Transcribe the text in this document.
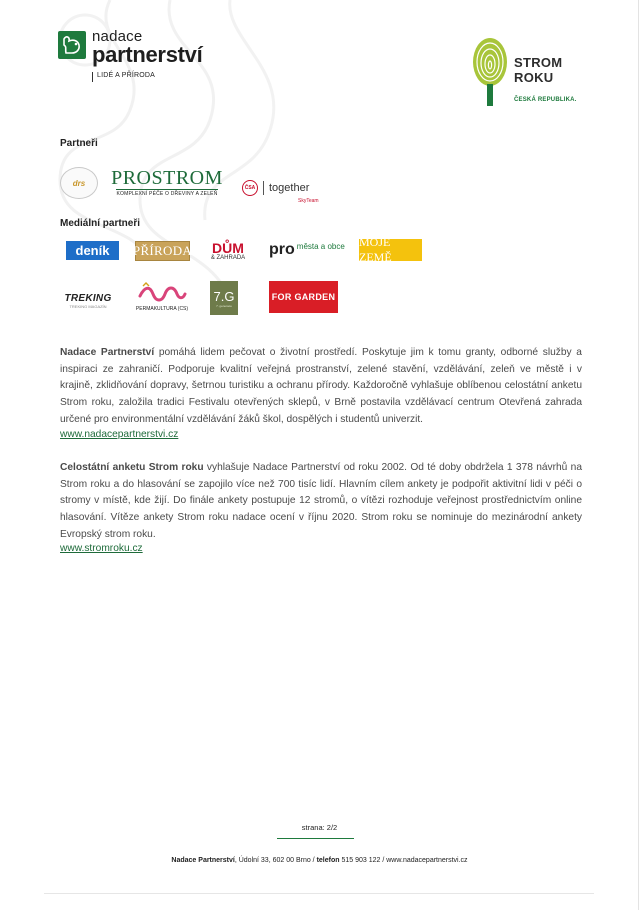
nadace
partnerství
LIDÉ A PŘÍRODA
STROM
ROKU
ČESKÁ REPUBLIKA.
Partneři
drs PROSTROM
KOMPLEXNÍ PÉČE O DŘEVINY A ZELEŇ
ČSA together
SkyTeam
Mediální partneři
deník	PŘÍRODA DŮM
& ZAHRADA pro města a obce MOJE ZEMĚ
TREKING
TREKING MAGAZÍN	PERMAKULTURA (CS)
7.G
7. generace
FOR GARDEN
Nadace Partnerství pomáhá lidem pečovat o životní prostředí. Poskytuje jim k tomu granty, odborné služby a inspiraci ze zahraničí. Podporuje kvalitní veřejná prostranství, zelené stavění, vzdělávání, zeleň ve městě i v krajině, zklidňování dopravy, šetrnou turistiku a ochranu přírody. Každoročně vyhlašuje oblíbenou celostátní anketu Strom roku, založila tradici Festivalu otevřených sklepů, v Brně postavila vzdělávací centrum Otevřená zahrada určené pro environmentální vzdělávání žáků škol, dospělých i studentů univerzit.
www.nadacepartnerstvi.cz
Celostátní anketu Strom roku vyhlašuje Nadace Partnerství od roku 2002. Od té doby obdržela 1 378 návrhů na Strom roku a do hlasování se zapojilo více než 700 tisíc lidí. Hlavním cílem ankety je podpořit aktivitní lidi v péči o stromy v místě, kde žijí. Do finále ankety postupuje 12 stromů, o vítězi rozhoduje veřejnost prostřednictvím online hlasování. Vítěze ankety Strom roku nadace ocení v říjnu 2020. Strom roku se nominuje do mezinárodní ankety Evropský strom roku.
www.stromroku.cz
strana: 2/2
Nadace Partnerství, Údolní 33, 602 00 Brno / telefon 515 903 122 / www.nadacepartnerstvi.cz
